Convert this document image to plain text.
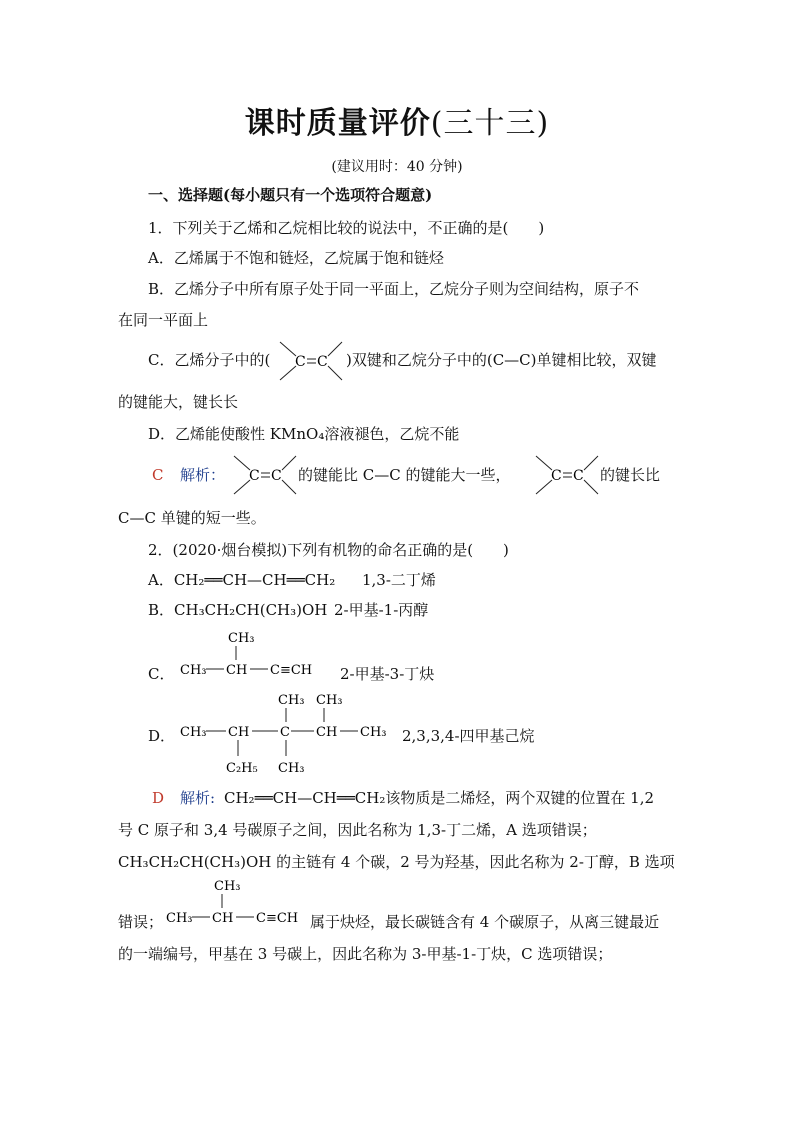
课时质量评价(三十三)
(建议用时：40 分钟)
一、选择题(每小题只有一个选项符合题意)
1．下列关于乙烯和乙烷相比较的说法中，不正确的是(　　)
A．乙烯属于不饱和链烃，乙烷属于饱和链烃
B．乙烯分子中所有原子处于同一平面上，乙烷分子则为空间结构，原子不
在同一平面上
C．乙烯分子中的( C C )双键和乙烷分子中的(C—C)单键相比较，双键
的键能大，键长长
D．乙烯能使酸性 KMnO₄溶液褪色，乙烷不能
C 解析： C C 的键能比 C—C 的键能大一些，	C C 的键长比
C—C 单键的短一些。
2．(2020·烟台模拟)下列有机物的命名正确的是(　　)
A．CH₂══CH—CH══CH₂ 1,3-二丁烯
B．CH₃CH₂CH(CH₃)OH 2-甲基-1-丙醇
C．
CH₃
CH₃ CH C≡CH 2-甲基-3-丁炔
D．
CH₃ CH₃
CH₃ CH C CH CH₃
C₂H₅ CH₃
2,3,3,4-四甲基己烷
D 解析: CH₂══CH—CH══CH₂该物质是二烯烃，两个双键的位置在 1,2
号 C 原子和 3,4 号碳原子之间，因此名称为 1,3-丁二烯，A 选项错误；
CH₃CH₂CH(CH₃)OH 的主链有 4 个碳，2 号为羟基，因此名称为 2-丁醇，B 选项
错误；
CH₃
CH₃ CH C≡CH 属于炔烃，最长碳链含有 4 个碳原子，从离三键最近
的一端编号，甲基在 3 号碳上，因此名称为 3-甲基-1-丁炔，C 选项错误；
